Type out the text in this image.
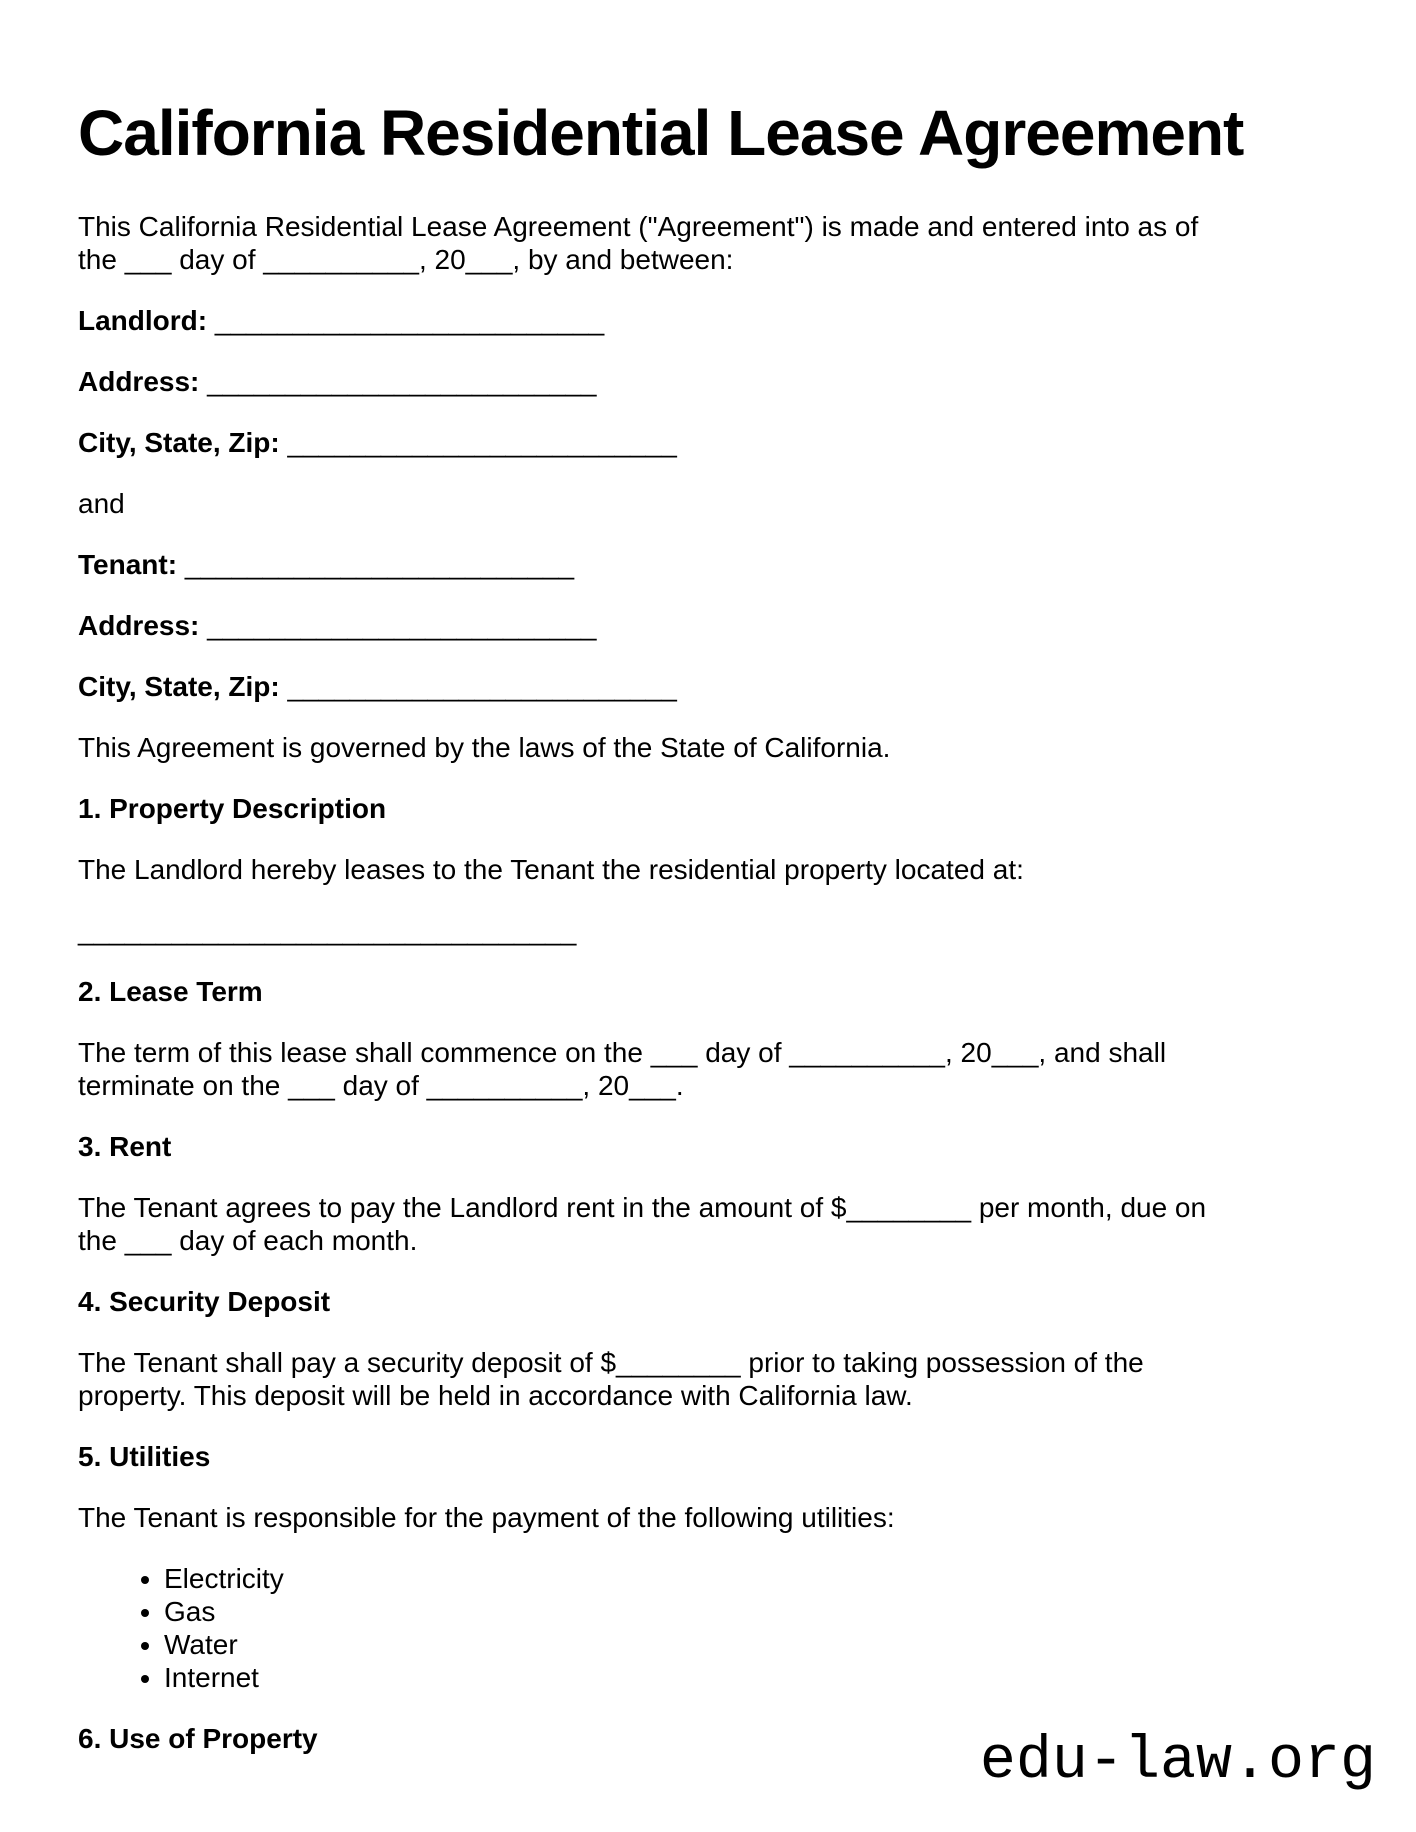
California Residential Lease Agreement

This California Residential Lease Agreement ("Agreement") is made and entered into as of
the ___ day of __________, 20___, by and between:

Landlord: _________________________

Address: _________________________

City, State, Zip: _________________________

and

Tenant: _________________________

Address: _________________________

City, State, Zip: _________________________

This Agreement is governed by the laws of the State of California.

1. Property Description

The Landlord hereby leases to the Tenant the residential property located at:

________________________________

2. Lease Term

The term of this lease shall commence on the ___ day of __________, 20___, and shall
terminate on the ___ day of __________, 20___.

3. Rent

The Tenant agrees to pay the Landlord rent in the amount of $________ per month, due on
the ___ day of each month.

4. Security Deposit

The Tenant shall pay a security deposit of $________ prior to taking possession of the
property. This deposit will be held in accordance with California law.

5. Utilities

The Tenant is responsible for the payment of the following utilities:

• Electricity
• Gas
• Water
• Internet
6. Use of Property	edu-law.org
